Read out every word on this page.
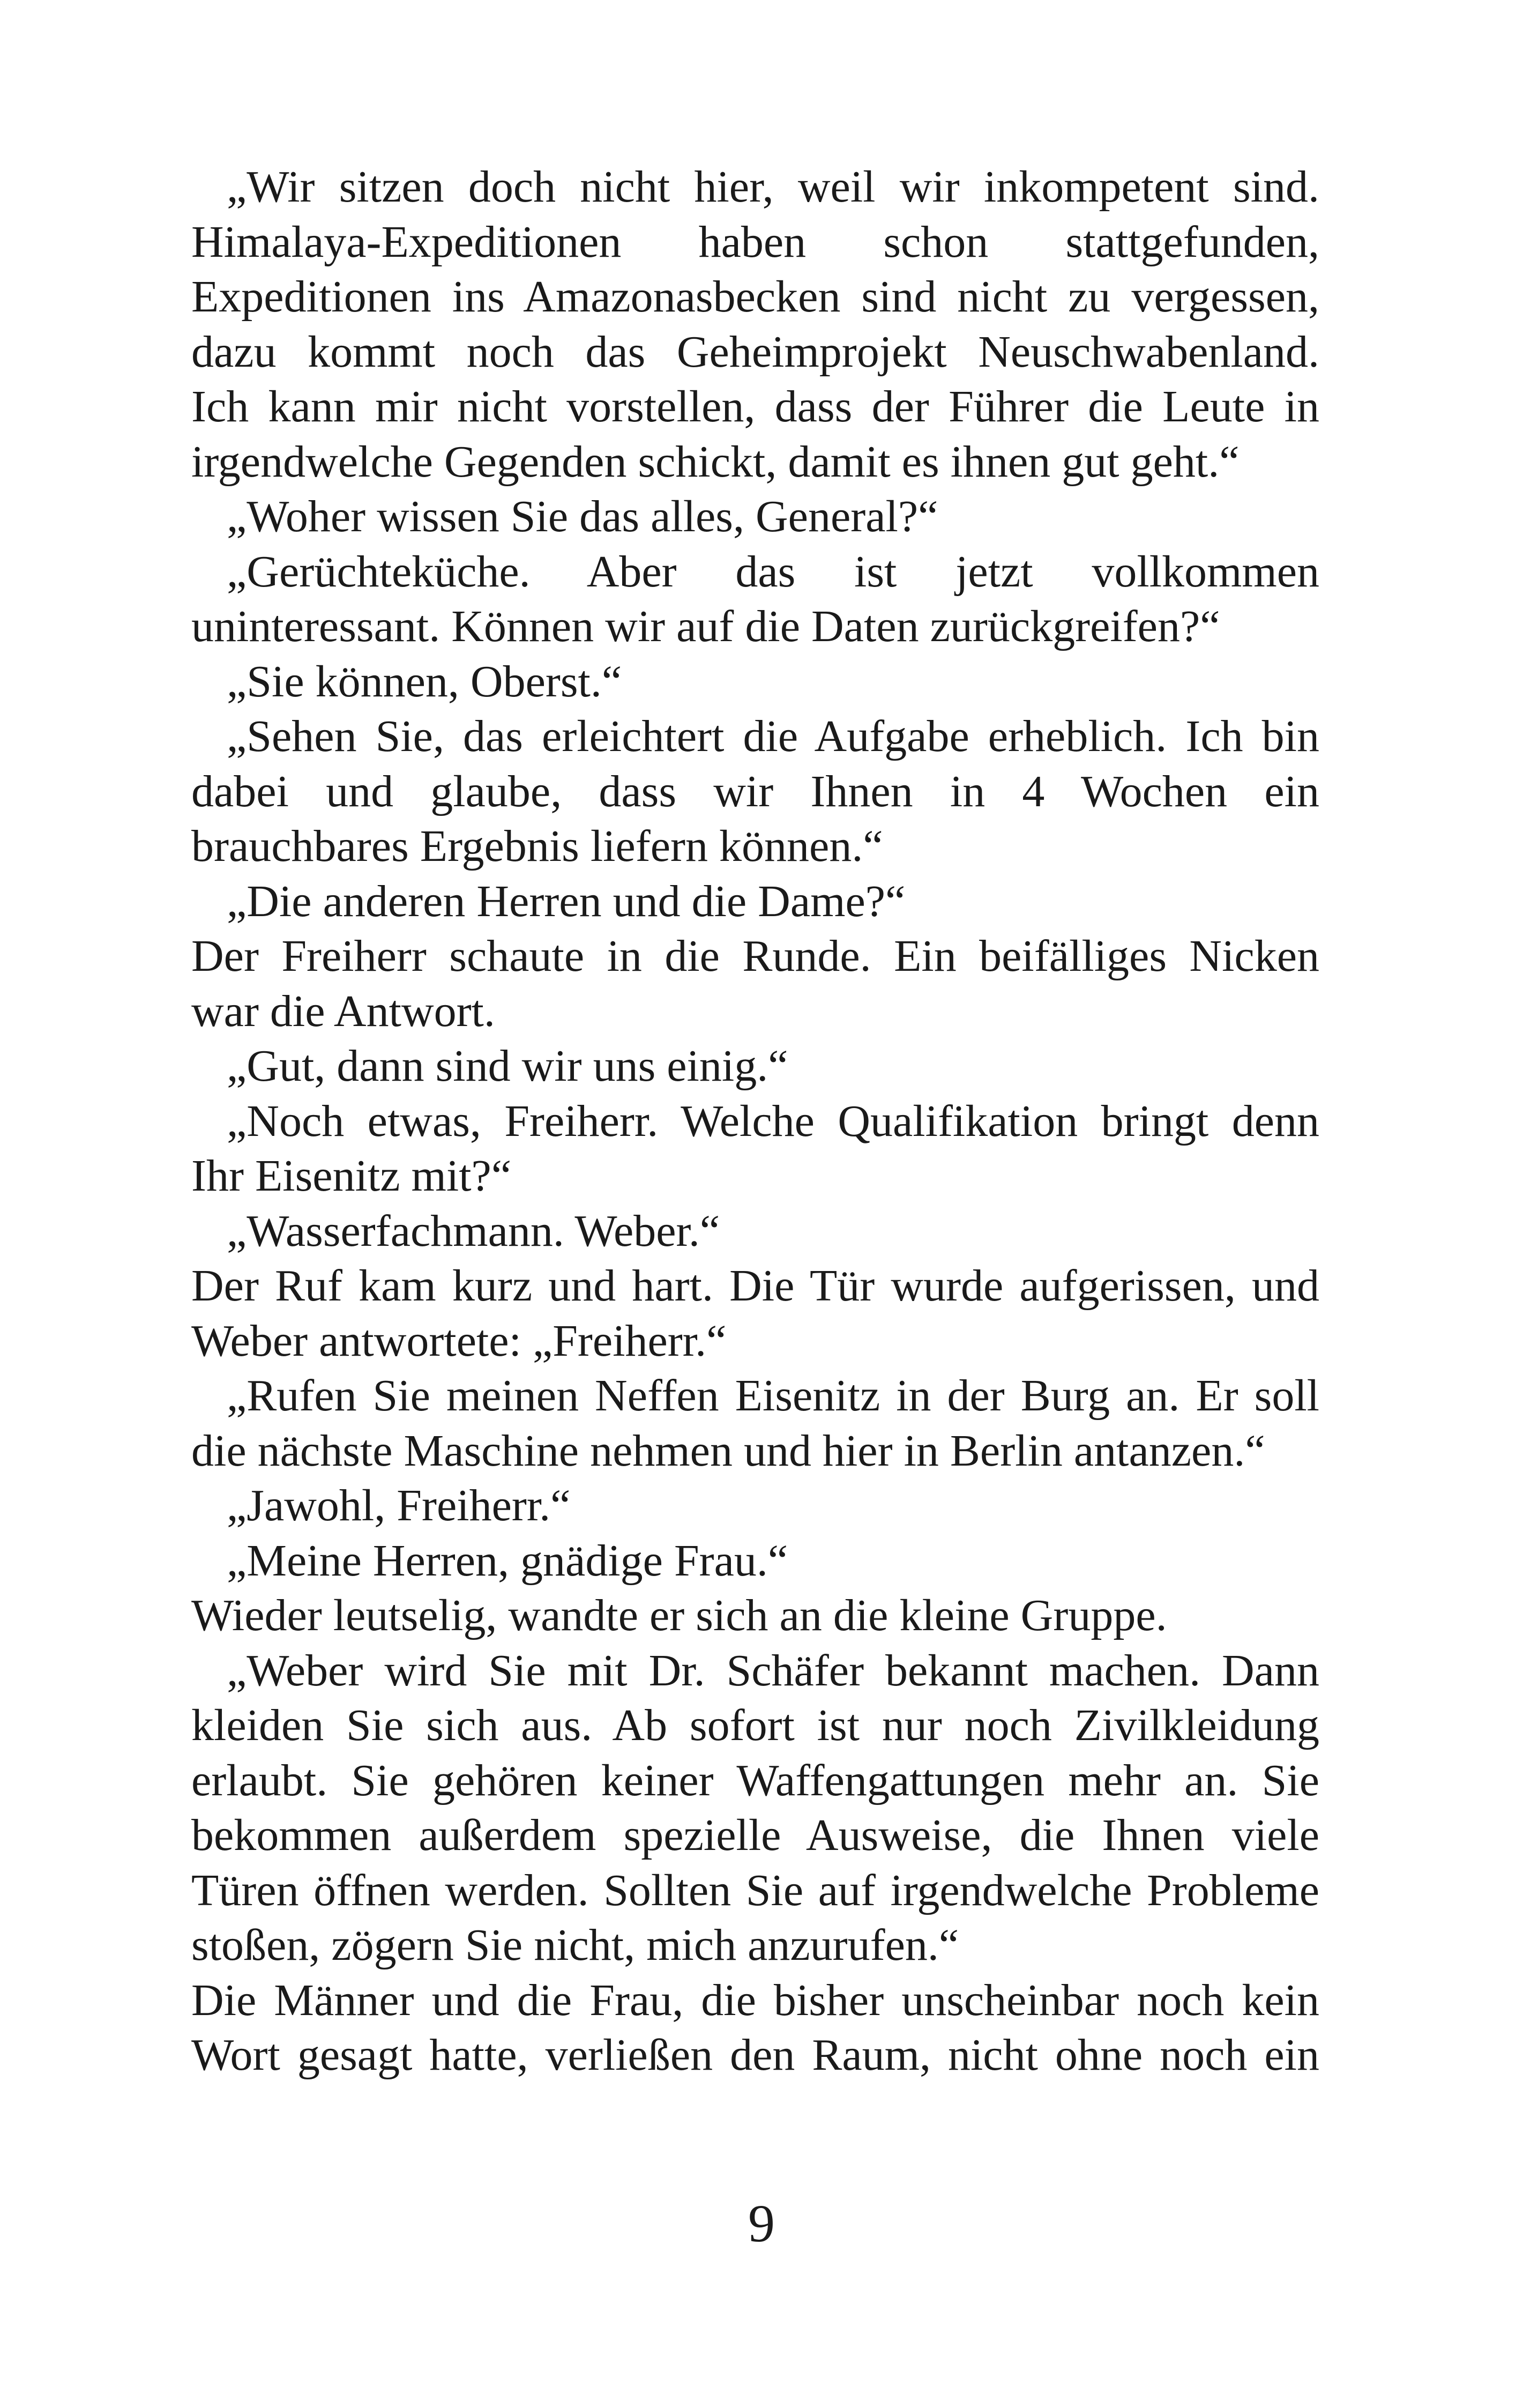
„Wir sitzen doch nicht hier, weil wir inkompetent sind.
Himalaya-Expeditionen haben schon stattgefunden,
Expeditionen ins Amazonasbecken sind nicht zu vergessen,
dazu kommt noch das Geheimprojekt Neuschwabenland.
Ich kann mir nicht vorstellen, dass der Führer die Leute in
irgendwelche Gegenden schickt, damit es ihnen gut geht.“
„Woher wissen Sie das alles, General?“
„Gerüchteküche. Aber das ist jetzt vollkommen
uninteressant. Können wir auf die Daten zurückgreifen?“
„Sie können, Oberst.“
„Sehen Sie, das erleichtert die Aufgabe erheblich. Ich bin
dabei und glaube, dass wir Ihnen in 4 Wochen ein
brauchbares Ergebnis liefern können.“
„Die anderen Herren und die Dame?“
Der Freiherr schaute in die Runde. Ein beifälliges Nicken
war die Antwort.
„Gut, dann sind wir uns einig.“
„Noch etwas, Freiherr. Welche Qualifikation bringt denn
Ihr Eisenitz mit?“
„Wasserfachmann. Weber.“
Der Ruf kam kurz und hart. Die Tür wurde aufgerissen, und
Weber antwortete: „Freiherr.“
„Rufen Sie meinen Neffen Eisenitz in der Burg an. Er soll
die nächste Maschine nehmen und hier in Berlin antanzen.“
„Jawohl, Freiherr.“
„Meine Herren, gnädige Frau.“
Wieder leutselig, wandte er sich an die kleine Gruppe.
„Weber wird Sie mit Dr. Schäfer bekannt machen. Dann
kleiden Sie sich aus. Ab sofort ist nur noch Zivilkleidung
erlaubt. Sie gehören keiner Waffengattungen mehr an. Sie
bekommen außerdem spezielle Ausweise, die Ihnen viele
Türen öffnen werden. Sollten Sie auf irgendwelche Probleme
stoßen, zögern Sie nicht, mich anzurufen.“
Die Männer und die Frau, die bisher unscheinbar noch kein
Wort gesagt hatte, verließen den Raum, nicht ohne noch ein
9
